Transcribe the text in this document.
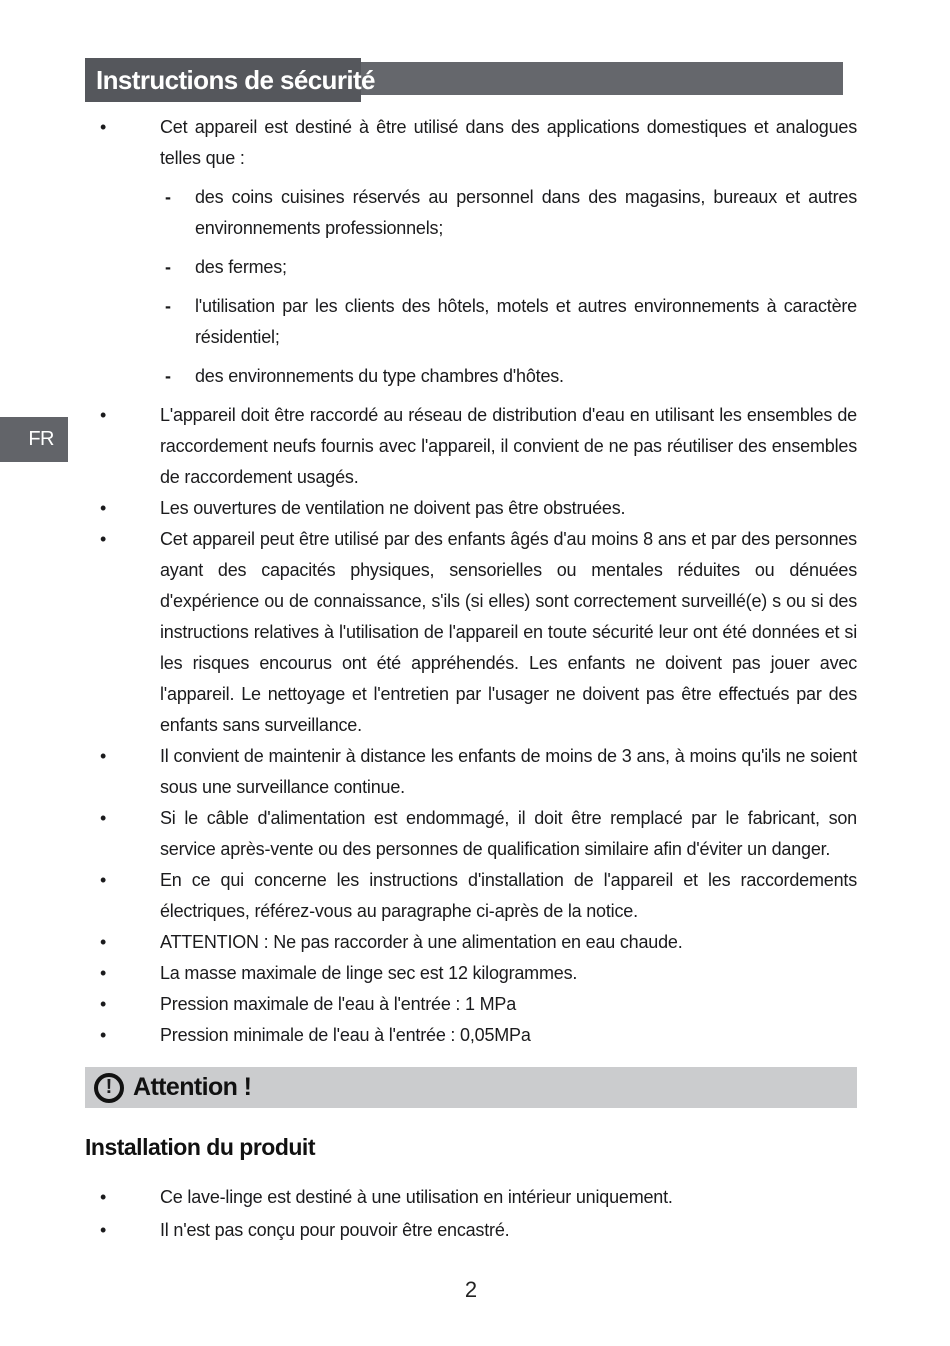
FR
Instructions de sécurité
•	Cet appareil est destiné à être utilisé dans des applications domestiques et analogues telles que :
- des coins cuisines réservés au personnel dans des magasins, bureaux et autres environnements professionnels;
- des fermes;
- l'utilisation par les clients des hôtels, motels et autres environnements à caractère résidentiel;
- des environnements du type chambres d'hôtes.
•	L'appareil doit être raccordé au réseau de distribution d'eau en utilisant les ensembles de raccordement neufs fournis avec l'appareil, il convient de ne pas réutiliser des ensembles de raccordement usagés.
•	Les ouvertures de ventilation ne doivent pas être obstruées.
•	Cet appareil peut être utilisé par des enfants âgés d'au moins 8 ans et par des personnes ayant des capacités physiques, sensorielles ou mentales réduites ou dénuées d'expérience ou de connaissance, s'ils (si elles) sont correctement surveillé(e) s ou si des instructions relatives à l'utilisation de l'appareil en toute sécurité leur ont été données et si les risques encourus ont été appréhendés. Les enfants ne doivent pas jouer avec l'appareil. Le nettoyage et l'entretien par l'usager ne doivent pas être effectués par des enfants sans surveillance.
•	Il convient de maintenir à distance les enfants de moins de 3 ans, à moins qu'ils ne soient sous une surveillance continue.
•	Si le câble d'alimentation est endommagé, il doit être remplacé par le fabricant, son service après-vente ou des personnes de qualification similaire afin d'éviter un danger.
•	En ce qui concerne les instructions d'installation de l'appareil et les raccordements électriques, référez-vous au paragraphe ci-après de la notice.
•	ATTENTION : Ne pas raccorder à une alimentation en eau chaude.
•	La masse maximale de linge sec est 12 kilogrammes.
•	Pression maximale de l'eau à l'entrée : 1 MPa
•	Pression minimale de l'eau à l'entrée : 0,05MPa
! Attention !
Installation du produit
•	Ce lave-linge est destiné à une utilisation en intérieur uniquement.
•	Il n'est pas conçu pour pouvoir être encastré.
2
